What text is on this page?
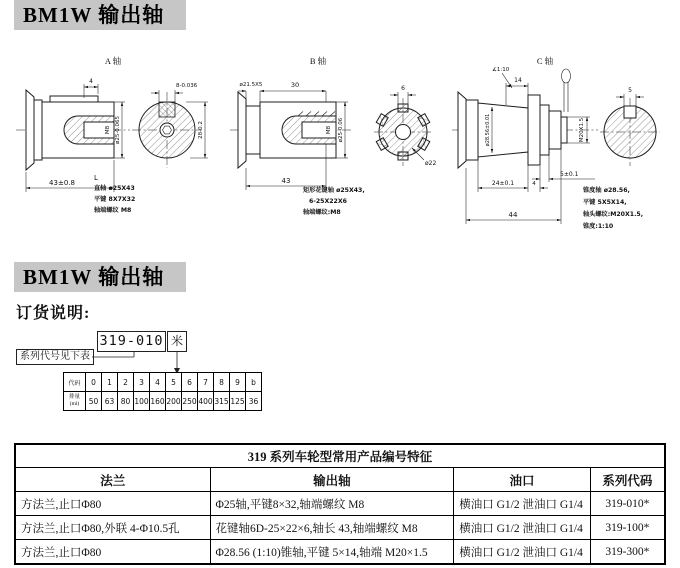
BM1W 输出轴
A 轴
M8
4
ø25-0.065
43±0.8
L
8-0.036
28-0.2
直轴 ø25X43
平键 8X7X32
轴端螺纹 M8
B 轴
M8
ø21.5X5	30
ø25-0.06
43
6
ø22
矩形花键轴 ø25X43,
6-25X22X6
轴端螺纹:M8
C 轴
∡1:10
14
ø28.56±0.01	M20X1.5
24±0.1	4
5±0.1
44
5
锥度轴 ø28.56,
平键 5X5X14,
轴头螺纹:M20X1.5,
锥度:1:10
BM1W 输出轴
订货说明:
319-010 米
系列代号见下表
代码	0	1	2	3	4	5	6	7	8	9	b

排量
(ml)	50	63	80	100	160	200	250	400	315	125	36
319 系列车轮型常用产品编号特征			
法兰	输出轴	油口	系列代码
方法兰,止口Φ80	Φ25轴,平键8×32,轴端螺纹 M8	横油口 G1/2 泄油口 G1/4	319-010*
方法兰,止口Φ80,外联 4-Φ10.5孔	花键轴6D-25×22×6,轴长 43,轴端螺纹 M8	横油口 G1/2 泄油口 G1/4	319-100*
方法兰,止口Φ80	Φ28.56 (1:10)锥轴,平键 5×14,轴端 M20×1.5	横油口 G1/2 泄油口 G1/4	319-300*
